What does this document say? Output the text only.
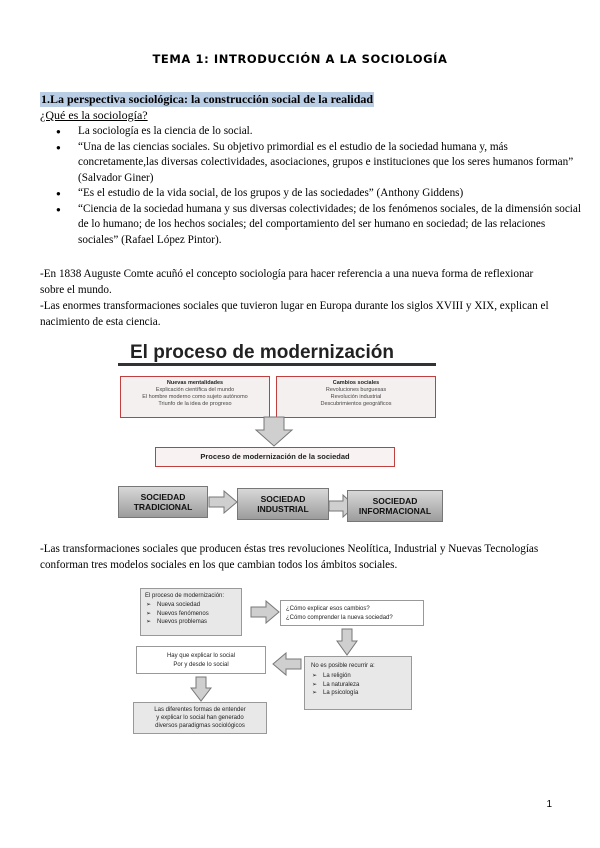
TEMA 1: INTRODUCCIÓN A LA SOCIOLOGÍA
1.La perspectiva sociológica: la construcción social de la realidad
¿Qué es la sociología?
● La sociología es la ciencia de lo social.
● “Una de las ciencias sociales. Su objetivo primordial es el estudio de la sociedad humana y, más concretamente,las diversas colectividades, asociaciones, grupos e instituciones que los seres humanos forman” (Salvador Giner)
● “Es el estudio de la vida social, de los grupos y de las sociedades” (Anthony Giddens)
● “Ciencia de la sociedad humana y sus diversas colectividades; de los fenómenos sociales, de la dimensión social de lo humano; de los hechos sociales; del comportamiento del ser humano en sociedad; de las relaciones sociales” (Rafael López Pintor).
-En 1838 Auguste Comte acuñó el concepto sociología para hacer referencia a una nueva forma de reflexionar sobre el mundo.
-Las enormes transformaciones sociales que tuvieron lugar en Europa durante los siglos XVIII y XIX, explican el nacimiento de esta ciencia.
El proceso de modernización
Nuevas mentalidades
Explicación científica del mundo
El hombre moderno como sujeto autónomo
Triunfo de la idea de progreso
Cambios sociales
Revoluciones burguesas
Revolución industrial
Descubrimientos geográficos
Proceso de modernización de la sociedad
SOCIEDAD
TRADICIONAL
SOCIEDAD
INDUSTRIAL
SOCIEDAD
INFORMACIONAL
-Las transformaciones sociales que producen éstas tres revoluciones Neolítica, Industrial y Nuevas Tecnologías conforman tres modelos sociales en los que cambian todos los ámbitos sociales.
El proceso de modernización:
➢ Nueva sociedad
➢ Nuevos fenómenos
➢ Nuevos problemas
¿Cómo explicar esos cambios?
¿Cómo comprender la nueva sociedad?
No es posible recurrir a:
➢ La religión
➢ La naturaleza
➢ La psicología
Hay que explicar lo social
Por y desde lo social
Las diferentes formas de entender
y explicar lo social han generado
diversos paradigmas sociológicos
1
